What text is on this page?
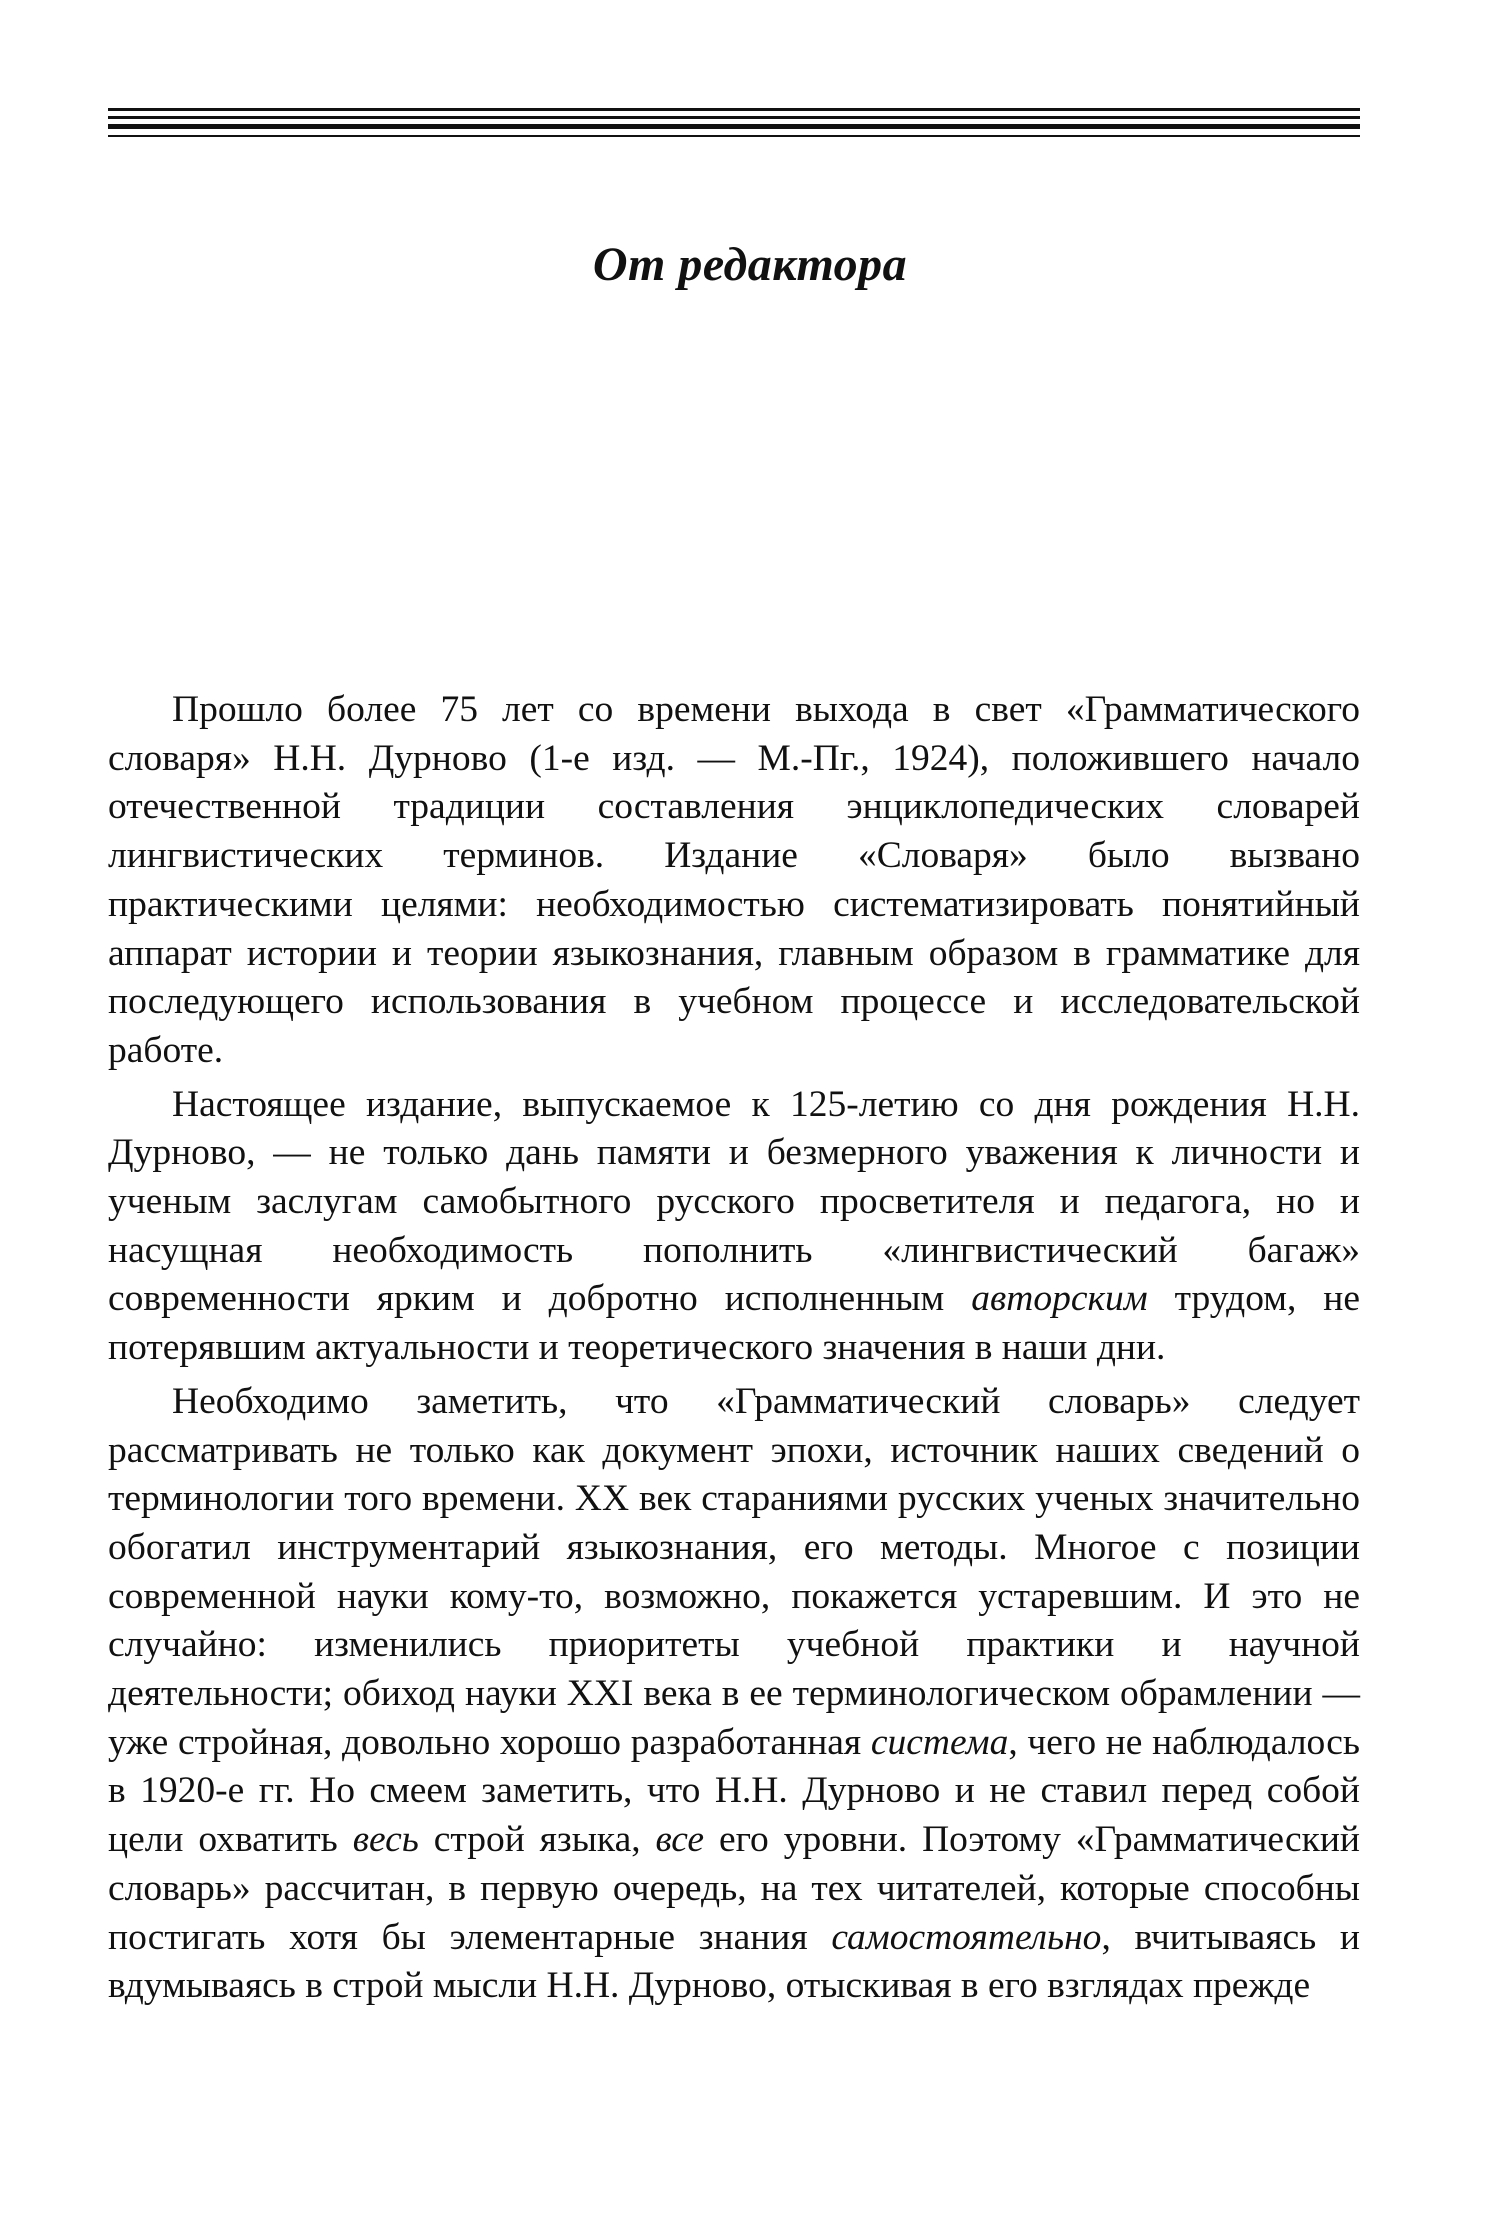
От редактора

Прошло более 75 лет со времени выхода в свет «Грамматического словаря» Н.Н. Дурново (1-е изд. — М.-Пг., 1924), положившего начало отечественной традиции составления энциклопедических словарей лингвистических терминов. Издание «Словаря» было вызвано практическими целями: необходимостью систематизировать понятийный аппарат истории и теории языкознания, главным образом в грамматике для последующего использования в учебном процессе и исследовательской работе.

Настоящее издание, выпускаемое к 125-летию со дня рождения Н.Н. Дурново, — не только дань памяти и безмерного уважения к личности и ученым заслугам самобытного русского просветителя и педагога, но и насущная необходимость пополнить «лингвистический багаж» современности ярким и добротно исполненным авторским трудом, не потерявшим актуальности и теоретического значения в наши дни.

Необходимо заметить, что «Грамматический словарь» следует рассматривать не только как документ эпохи, источник наших сведений о терминологии того времени. XX век стараниями русских ученых значительно обогатил инструментарий языкознания, его методы. Многое с позиции современной науки кому-то, возможно, покажется устаревшим. И это не случайно: изменились приоритеты учебной практики и научной деятельности; обиход науки XXI века в ее терминологическом обрамлении — уже стройная, довольно хорошо разработанная система, чего не наблюдалось в 1920-е гг. Но смеем заметить, что Н.Н. Дурново и не ставил перед собой цели охватить весь строй языка, все его уровни. Поэтому «Грамматический словарь» рассчитан, в первую очередь, на тех читателей, которые способны постигать хотя бы элементарные знания самостоятельно, вчитываясь и вдумываясь в строй мысли Н.Н. Дурново, отыскивая в его взглядах прежде
